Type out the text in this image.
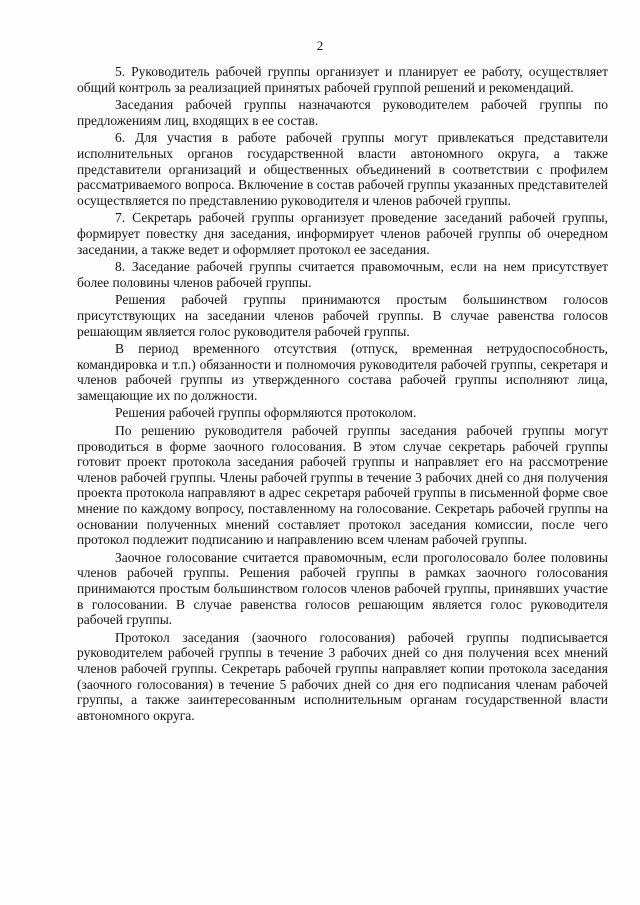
2

5. Руководитель рабочей группы организует и планирует ее работу, осуществляет общий контроль за реализацией принятых рабочей группой решений и рекомендаций.

Заседания рабочей группы назначаются руководителем рабочей группы по предложениям лиц, входящих в ее состав.

6. Для участия в работе рабочей группы могут привлекаться представители исполнительных органов государственной власти автономного округа, а также представители организаций и общественных объединений в соответствии с профилем рассматриваемого вопроса. Включение в состав рабочей группы указанных представителей осуществляется по представлению руководителя и членов рабочей группы.

7. Секретарь рабочей группы организует проведение заседаний рабочей группы, формирует повестку дня заседания, информирует членов рабочей группы об очередном заседании, а также ведет и оформляет протокол ее заседания.

8. Заседание рабочей группы считается правомочным, если на нем присутствует более половины членов рабочей группы.

Решения рабочей группы принимаются простым большинством голосов присутствующих на заседании членов рабочей группы. В случае равенства голосов решающим является голос руководителя рабочей группы.

В период временного отсутствия (отпуск, временная нетрудоспособность, командировка и т.п.) обязанности и полномочия руководителя рабочей группы, секретаря и членов рабочей группы из утвержденного состава рабочей группы исполняют лица, замещающие их по должности.

Решения рабочей группы оформляются протоколом.

По решению руководителя рабочей группы заседания рабочей группы могут проводиться в форме заочного голосования. В этом случае секретарь рабочей группы готовит проект протокола заседания рабочей группы и направляет его на рассмотрение членов рабочей группы. Члены рабочей группы в течение 3 рабочих дней со дня получения проекта протокола направляют в адрес секретаря рабочей группы в письменной форме свое мнение по каждому вопросу, поставленному на голосование. Секретарь рабочей группы на основании полученных мнений составляет протокол заседания комиссии, после чего протокол подлежит подписанию и направлению всем членам рабочей группы.

Заочное голосование считается правомочным, если проголосовало более половины членов рабочей группы. Решения рабочей группы в рамках заочного голосования принимаются простым большинством голосов членов рабочей группы, принявших участие в голосовании. В случае равенства голосов решающим является голос руководителя рабочей группы.

Протокол заседания (заочного голосования) рабочей группы подписывается руководителем рабочей группы в течение 3 рабочих дней со дня получения всех мнений членов рабочей группы. Секретарь рабочей группы направляет копии протокола заседания (заочного голосования) в течение 5 рабочих дней со дня его подписания членам рабочей группы, а также заинтересованным исполнительным органам государственной власти автономного округа.
